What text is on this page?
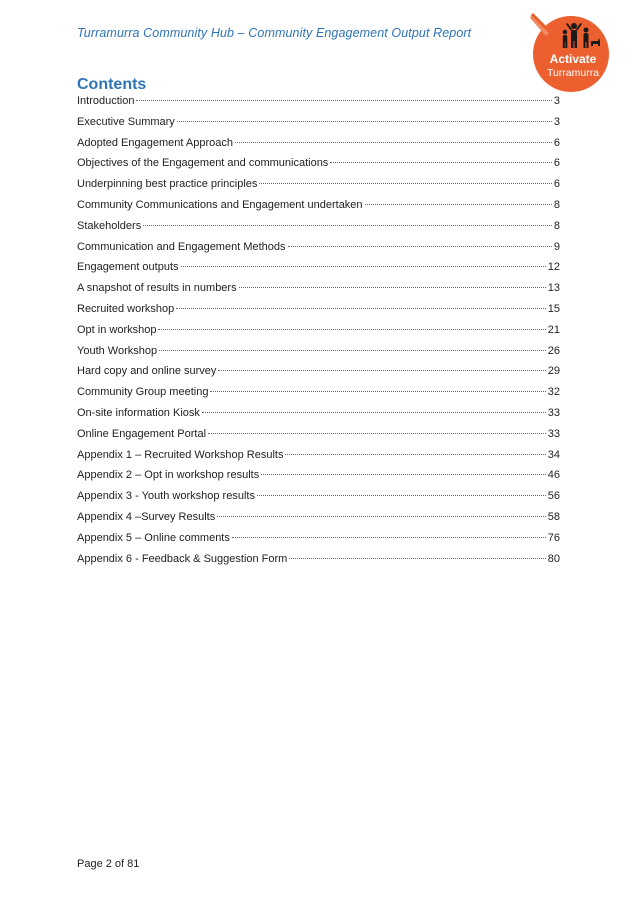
Turramurra Community Hub – Community Engagement Output Report
Activate
Turramurra
Contents
Introduction	3
Executive Summary	3
Adopted Engagement Approach	6
Objectives of the Engagement and communications	6
Underpinning best practice principles	6
Community Communications and Engagement undertaken	8
Stakeholders	8
Communication and Engagement Methods	9
Engagement outputs	12
A snapshot of results in numbers	13
Recruited workshop	15
Opt in workshop	21
Youth Workshop	26
Hard copy and online survey	29
Community Group meeting	32
On-site information Kiosk	33
Online Engagement Portal	33
Appendix 1 – Recruited Workshop Results	34
Appendix 2 – Opt in workshop results	46
Appendix 3 - Youth workshop results	56
Appendix 4 –Survey Results	58
Appendix 5 – Online comments	76
Appendix 6 - Feedback & Suggestion Form	80
Page 2 of 81
